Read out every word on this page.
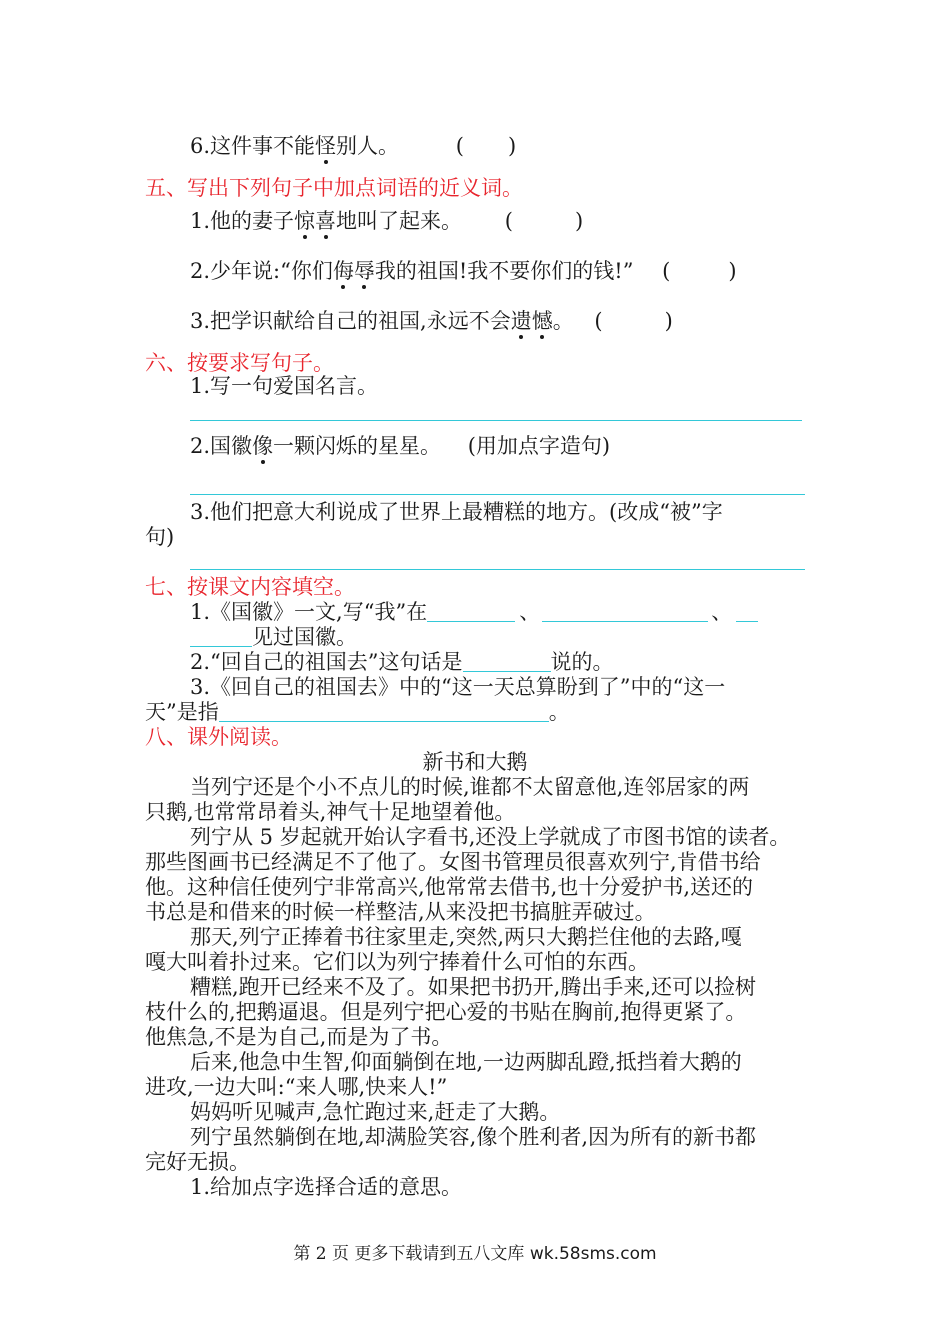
6.这件事不能怪别人。	( )
五、写出下列句子中加点词语的近义词。
1.他的妻子惊喜地叫了起来。 (	)
2.少年说:“你们侮辱我的祖国!我不要你们的钱!” (	)
3.把学识献给自己的祖国,永远不会遗憾。 (	)
六、按要求写句子。
1.写一句爱国名言。
2.国徽像一颗闪烁的星星。 (用加点字造句)
3.他们把意大利说成了世界上最糟糕的地方。(改成“被”字
句)
七、按课文内容填空。
1.《国徽》一文,写“我”在	、	、
见过国徽。
2.“回自己的祖国去”这句话是	说的。
3.《回自己的祖国去》中的“这一天总算盼到了”中的“这一
天”是指	。
八、课外阅读。
新书和大鹅
当列宁还是个小不点儿的时候,谁都不太留意他,连邻居家的两
只鹅,也常常昂着头,神气十足地望着他。
列宁从 5 岁起就开始认字看书,还没上学就成了市图书馆的读者。
那些图画书已经满足不了他了。女图书管理员很喜欢列宁,肯借书给
他。这种信任使列宁非常高兴,他常常去借书,也十分爱护书,送还的
书总是和借来的时候一样整洁,从来没把书搞脏弄破过。
那天,列宁正捧着书往家里走,突然,两只大鹅拦住他的去路,嘎
嘎大叫着扑过来。它们以为列宁捧着什么可怕的东西。
糟糕,跑开已经来不及了。如果把书扔开,腾出手来,还可以捡树
枝什么的,把鹅逼退。但是列宁把心爱的书贴在胸前,抱得更紧了。
他焦急,不是为自己,而是为了书。
后来,他急中生智,仰面躺倒在地,一边两脚乱蹬,抵挡着大鹅的
进攻,一边大叫:“来人哪,快来人!”
妈妈听见喊声,急忙跑过来,赶走了大鹅。
列宁虽然躺倒在地,却满脸笑容,像个胜利者,因为所有的新书都
完好无损。
1.给加点字选择合适的意思。
第 2 页 更多下载请到五八文库 wk.58sms.com
